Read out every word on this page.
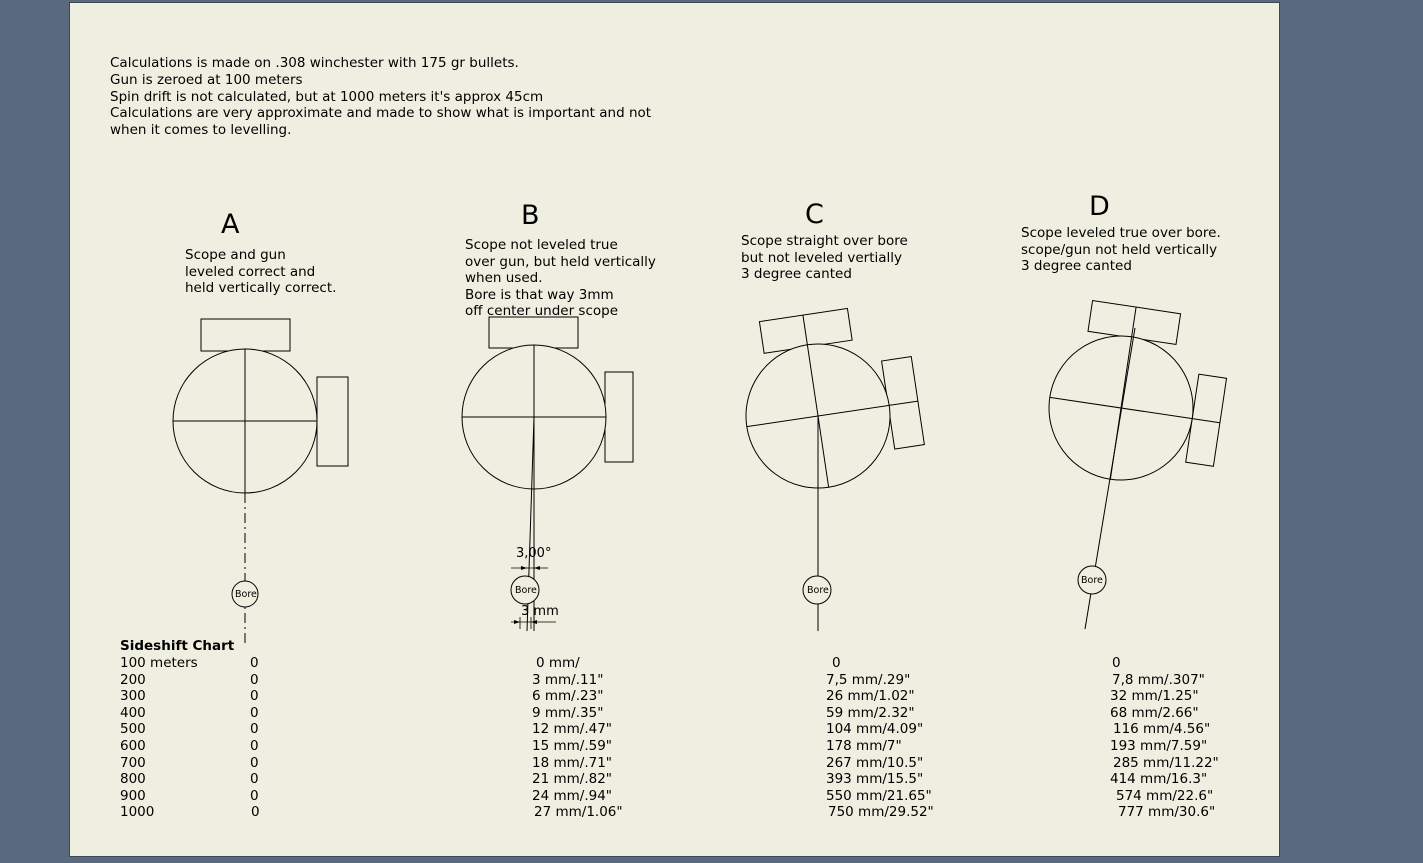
Calculations is made on .308 winchester with 175 gr bullets.
Gun is zeroed at 100 meters
Spin drift is not calculated, but at 1000 meters it's approx 45cm
Calculations are very approximate and made to show what is important and not
when it comes to levelling.
A
Scope and gun
leveled correct and
held vertically correct.
B
Scope not leveled true
over gun, but held vertically
when used.
Bore is that way 3mm
off center under scope
C
Scope straight over bore
but not leveled vertially
3 degree canted
D
Scope leveled true over bore.
scope/gun not held vertically
3 degree canted
Bore	Bore	Bore
Bore
3,00°
3 mm
Sideshift Chart
100 meters	0	0 mm/	0	0
200	0	3 mm/.11"	7,5 mm/.29"	7,8 mm/.307"
300	0	6 mm/.23"	26 mm/1.02"	32 mm/1.25"
400	0	9 mm/.35"	59 mm/2.32"	68 mm/2.66"
500	0	12 mm/.47"	104 mm/4.09"	116 mm/4.56"
600	0	15 mm/.59"	178 mm/7"	193 mm/7.59"
700	0	18 mm/.71"	267 mm/10.5"	285 mm/11.22"
800	0	21 mm/.82"	393 mm/15.5"	414 mm/16.3"
900	0	24 mm/.94"	550 mm/21.65"	574 mm/22.6"
1000	0	27 mm/1.06"	750 mm/29.52"	777 mm/30.6"
